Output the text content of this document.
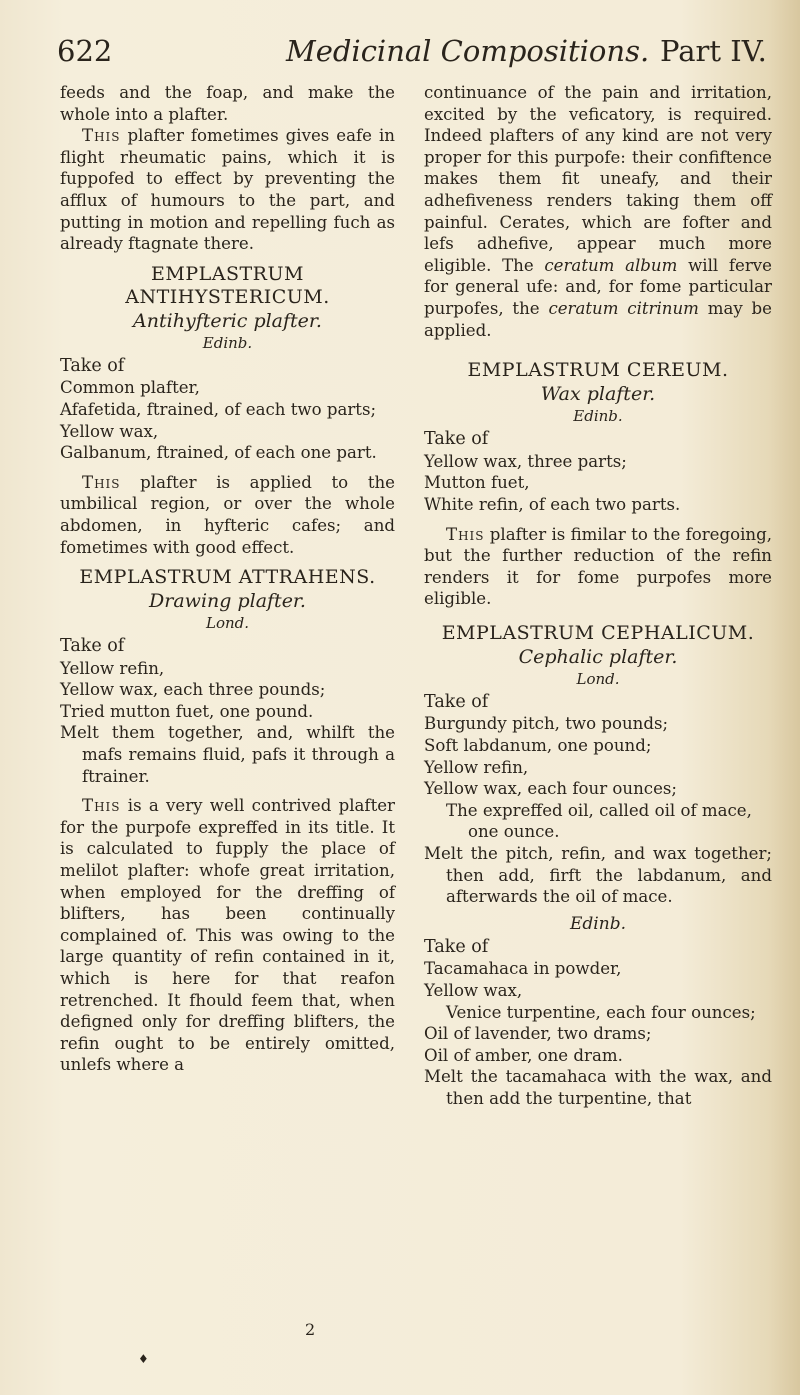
622	Medicinal Compositions. Part IV.

feeds and the foap, and make the whole into a plafter.

This plafter fometimes gives eafe in flight rheumatic pains, which it is fuppofed to effect by preventing the afflux of humours to the part, and putting in motion and repelling fuch as already ftagnate there.

EMPLASTRUM ANTIHYSTERICUM.
Antihyfteric plafter.
Edinb.
Take of
Common plafter,
Afafetida, ftrained, of each two parts;
Yellow wax,
Galbanum, ftrained, of each one part.

This plafter is applied to the umbilical region, or over the whole abdomen, in hyfteric cafes; and fometimes with good effect.

EMPLASTRUM ATTRAHENS.
Drawing plafter.
Lond.
Take of
Yellow refin,
Yellow wax, each three pounds;
Tried mutton fuet, one pound.

Melt them together, and, whilft the mafs remains fluid, pafs it through a ftrainer.

This is a very well contrived plafter for the purpofe expreffed in its title. It is calculated to fupply the place of melilot plafter: whofe great irritation, when employed for the dreffing of blifters, has been continually complained of. This was owing to the large quantity of refin contained in it, which is here for that reafon retrenched. It fhould feem that, when defigned only for dreffing blifters, the refin ought to be entirely omitted, unlefs where a

2
♦

continuance of the pain and irritation, excited by the veficatory, is required. Indeed plafters of any kind are not very proper for this purpofe: their confiftence makes them fit uneafy, and their adhefiveness renders taking them off painful. Cerates, which are fofter and lefs adhefive, appear much more eligible. The ceratum album will ferve for general ufe: and, for fome particular purpofes, the ceratum citrinum may be applied.

EMPLASTRUM CEREUM.
Wax plafter.
Edinb.
Take of
Yellow wax, three parts;
Mutton fuet,
White refin, of each two parts.

This plafter is fimilar to the foregoing, but the further reduction of the refin renders it for fome purpofes more eligible.

EMPLASTRUM CEPHALICUM.
Cephalic plafter.
Lond.
Take of
Burgundy pitch, two pounds;
Soft labdanum, one pound;
Yellow refin,
Yellow wax, each four ounces;
The expreffed oil, called oil of mace, one ounce.

Melt the pitch, refin, and wax together; then add, firft the labdanum, and afterwards the oil of mace.

Edinb.
Take of
Tacamahaca in powder,
Yellow wax,
Venice turpentine, each four ounces;
Oil of lavender, two drams;
Oil of amber, one dram.

Melt the tacamahaca with the wax, and then add the turpentine, that
